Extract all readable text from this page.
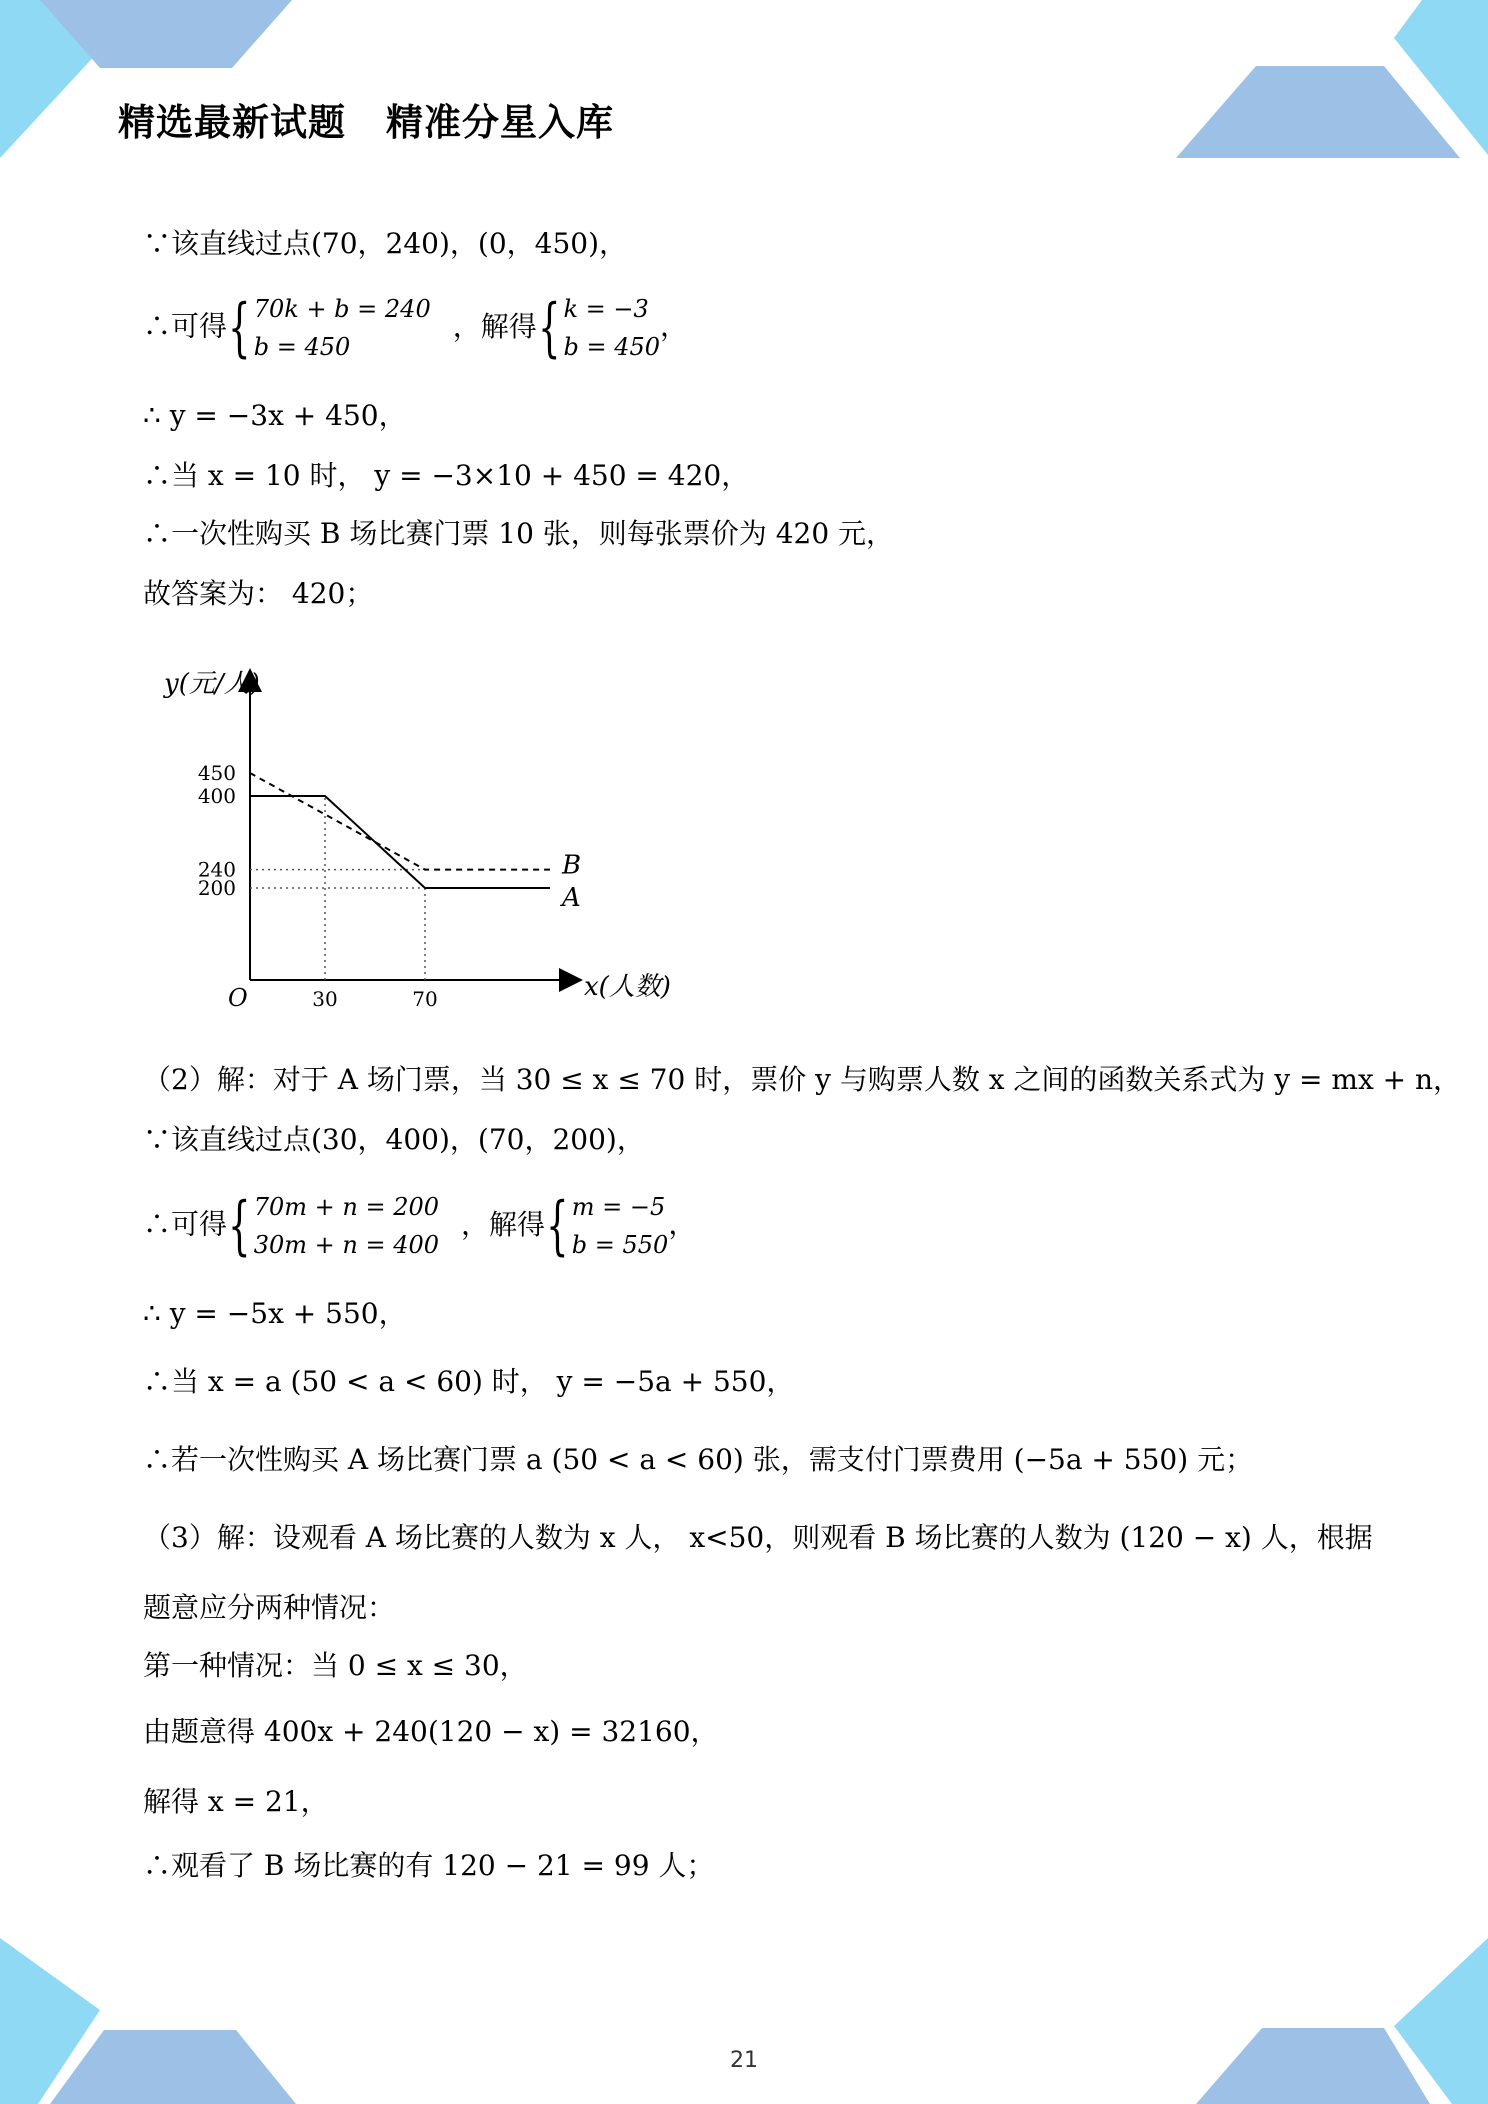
精选最新试题 精准分星入库
∵该直线过点(70，240)，(0，450)，
∴可得 { 70k + b = 240
b = 450
，解得 { k = −3
b = 450
，
∴ y = −3x + 450，
∴当 x = 10 时， y = −3×10 + 450 = 420，
∴一次性购买 B 场比赛门票 10 张，则每张票价为 420 元，
故答案为： 420；
y(元/人)
x(人数)
O
A
B
30	70
450
400
240
200
（2）解：对于 A 场门票，当 30 ≤ x ≤ 70 时，票价 y 与购票人数 x 之间的函数关系式为 y = mx + n，
∵该直线过点(30，400)，(70，200)，
∴可得 { 70m + n = 200
30m + n = 400
，解得 { m = −5
b = 550
，
∴ y = −5x + 550，
∴当 x = a (50 < a < 60) 时， y = −5a + 550，
∴若一次性购买 A 场比赛门票 a (50 < a < 60) 张，需支付门票费用 (−5a + 550) 元；
（3）解：设观看 A 场比赛的人数为 x 人， x<50，则观看 B 场比赛的人数为 (120 − x) 人，根据
题意应分两种情况：
第一种情况：当 0 ≤ x ≤ 30，
由题意得 400x + 240(120 − x) = 32160，
解得 x = 21，
∴观看了 B 场比赛的有 120 − 21 = 99 人；
21
